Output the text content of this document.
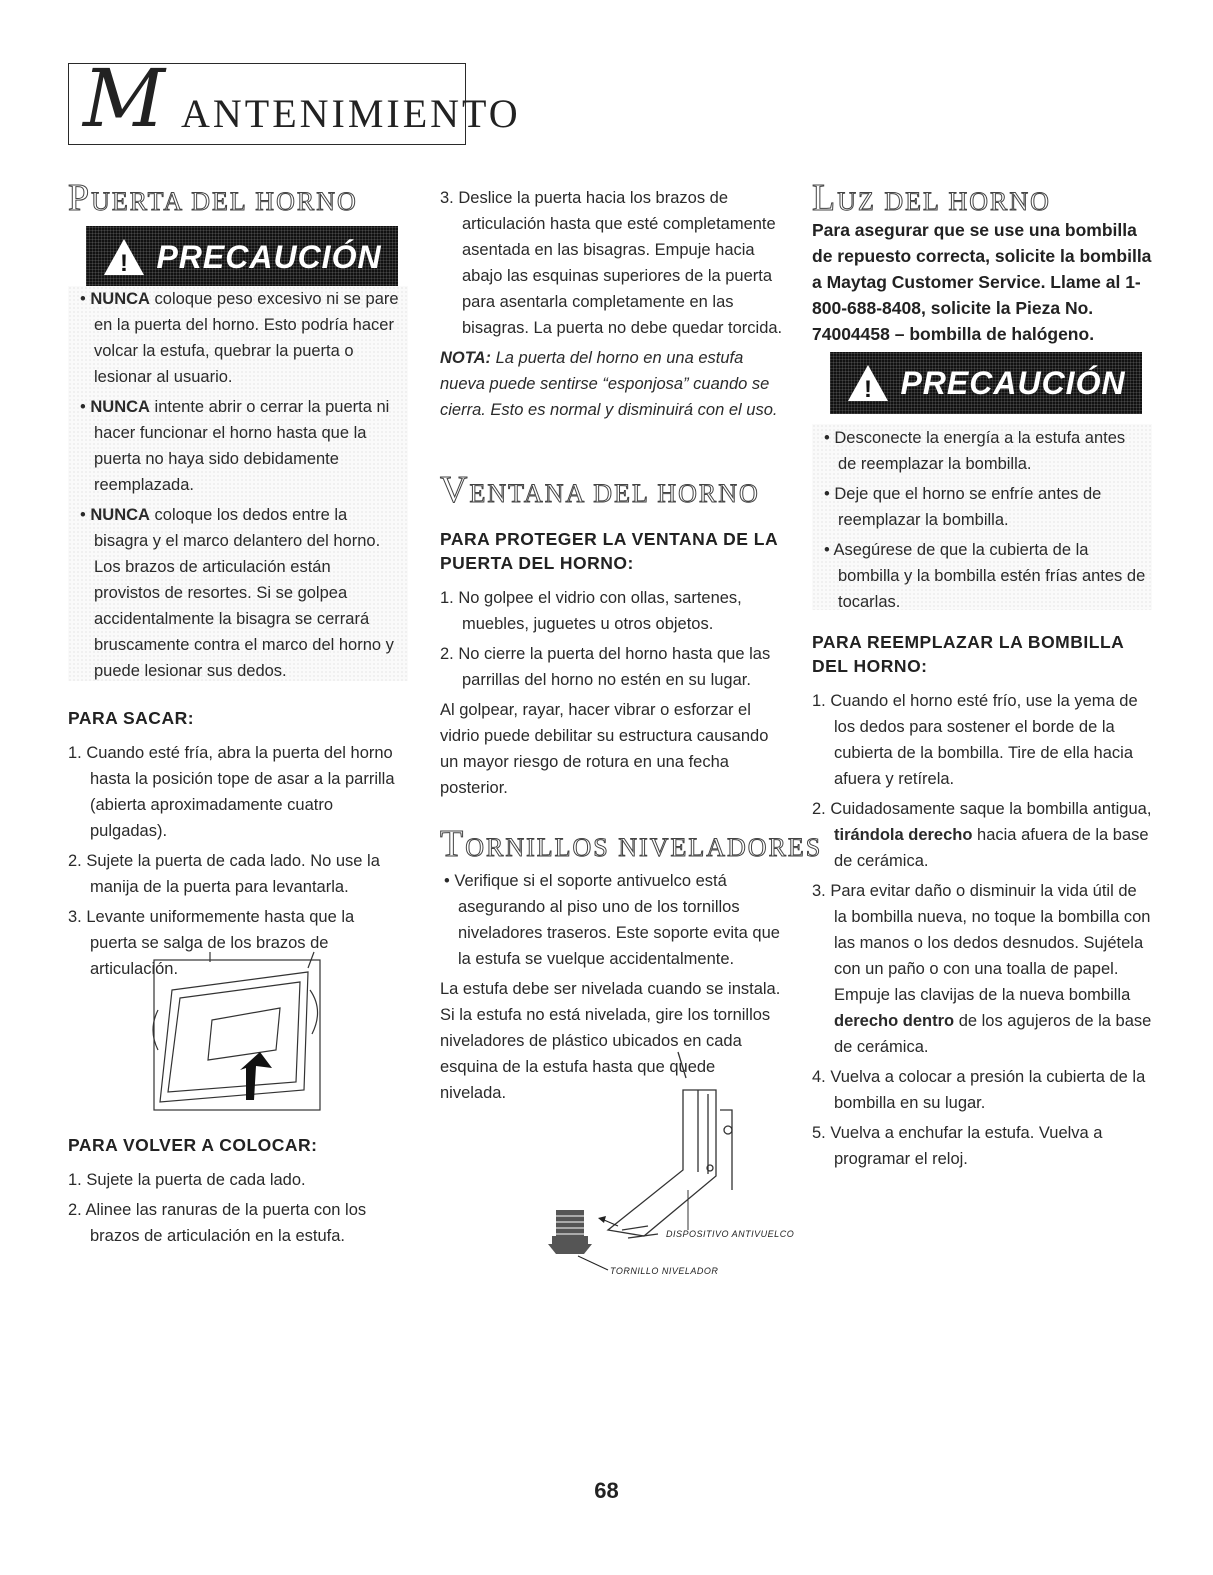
M ANTENIMIENTO
PUERTA DEL HORNO
! PRECAUCIÓN

• NUNCA coloque peso excesivo ni se pare en la puerta del horno. Esto podría hacer volcar la estufa, quebrar la puerta o lesionar al usuario.

• NUNCA intente abrir o cerrar la puerta ni hacer funcionar el horno hasta que la puerta no haya sido debidamente reemplazada.

• NUNCA coloque los dedos entre la bisagra y el marco delantero del horno. Los brazos de articulación están provistos de resortes. Si se golpea accidentalmente la bisagra se cerrará bruscamente contra el marco del horno y puede lesionar sus dedos.

PARA SACAR:

1. Cuando esté fría, abra la puerta del horno hasta la posición tope de asar a la parrilla (abierta aproximadamente cuatro pulgadas).

2. Sujete la puerta de cada lado. No use la manija de la puerta para levantarla.

3. Levante uniformemente hasta que la puerta se salga de los brazos de articulación.

PARA VOLVER A COLOCAR:

1. Sujete la puerta de cada lado.

2. Alinee las ranuras de la puerta con los brazos de articulación en la estufa.

3. Deslice la puerta hacia los brazos de articulación hasta que esté completamente asentada en las bisagras. Empuje hacia abajo las esquinas superiores de la puerta para asentarla completamente en las bisagras. La puerta no debe quedar torcida.

NOTA: La puerta del horno en una estufa nueva puede sentirse “esponjosa” cuando se cierra. Esto es normal y disminuirá con el uso.

VENTANA DEL HORNO
PARA PROTEGER LA VENTANA DE LA PUERTA DEL HORNO:

1. No golpee el vidrio con ollas, sartenes, muebles, juguetes u otros objetos.

2. No cierre la puerta del horno hasta que las parrillas del horno no estén en su lugar.

Al golpear, rayar, hacer vibrar o esforzar el vidrio puede debilitar su estructura causando un mayor riesgo de rotura en una fecha posterior.

TORNILLOS NIVELADORES

• Verifique si el soporte antivuelco está asegurando al piso uno de los tornillos niveladores traseros. Este soporte evita que la estufa se vuelque accidentalmente.

La estufa debe ser nivelada cuando se instala. Si la estufa no está nivelada, gire los tornillos niveladores de plástico ubicados en cada esquina de la estufa hasta que quede nivelada.

DISPOSITIVO ANTIVUELCO
TORNILLO NIVELADOR
LUZ DEL HORNO

Para asegurar que se use una bombilla de repuesto correcta, solicite la bombilla a Maytag Customer Service. Llame al 1-800-688-8408, solicite la Pieza No. 74004458 – bombilla de halógeno.

! PRECAUCIÓN

• Desconecte la energía a la estufa antes de reemplazar la bombilla.

• Deje que el horno se enfríe antes de reemplazar la bombilla.

• Asegúrese de que la cubierta de la bombilla y la bombilla estén frías antes de tocarlas.

PARA REEMPLAZAR LA BOMBILLA DEL HORNO:

1. Cuando el horno esté frío, use la yema de los dedos para sostener el borde de la cubierta de la bombilla. Tire de ella hacia afuera y retírela.

2. Cuidadosamente saque la bombilla antigua, tirándola derecho hacia afuera de la base de cerámica.

3. Para evitar daño o disminuir la vida útil de la bombilla nueva, no toque la bombilla con las manos o los dedos desnudos. Sujétela con un paño o con una toalla de papel. Empuje las clavijas de la nueva bombilla derecho dentro de los agujeros de la base de cerámica.

4. Vuelva a colocar a presión la cubierta de la bombilla en su lugar.

5. Vuelva a enchufar la estufa. Vuelva a programar el reloj.

68
